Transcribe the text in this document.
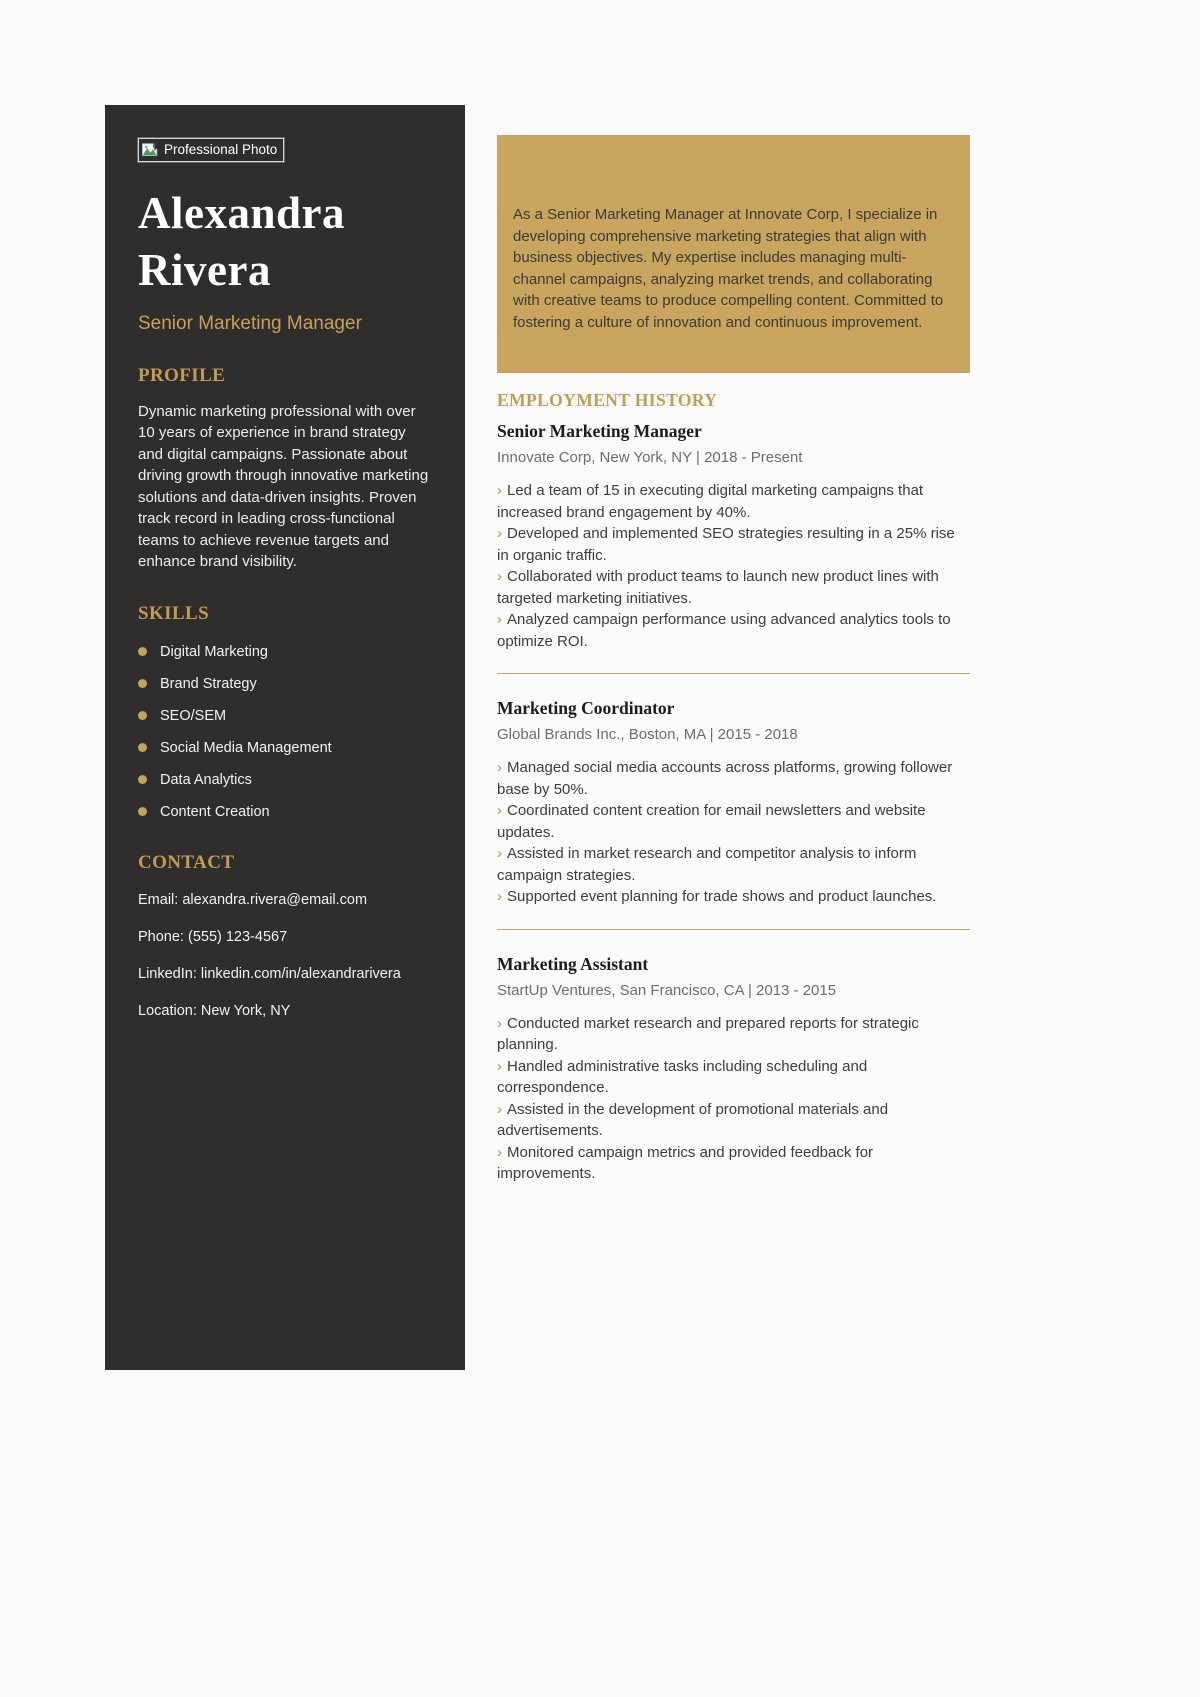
Professional Photo
Alexandra Rivera
Senior Marketing Manager
PROFILE

Dynamic marketing professional with over 10 years of experience in brand strategy and digital campaigns. Passionate about driving growth through innovative marketing solutions and data-driven insights. Proven track record in leading cross-functional teams to achieve revenue targets and enhance brand visibility.

SKILLS
Digital Marketing
Brand Strategy
SEO/SEM
Social Media Management
Data Analytics
Content Creation
CONTACT
Email: alexandra.rivera@email.com
Phone: (555) 123-4567
LinkedIn: linkedin.com/in/alexandrarivera
Location: New York, NY

As a Senior Marketing Manager at Innovate Corp, I specialize in developing comprehensive marketing strategies that align with business objectives. My expertise includes managing multi-channel campaigns, analyzing market trends, and collaborating with creative teams to produce compelling content. Committed to fostering a culture of innovation and continuous improvement.

EMPLOYMENT HISTORY
Senior Marketing Manager
Innovate Corp, New York, NY | 2018 - Present
› Led a team of 15 in executing digital marketing campaigns that increased brand engagement by 40%.
› Developed and implemented SEO strategies resulting in a 25% rise in organic traffic.
› Collaborated with product teams to launch new product lines with targeted marketing initiatives.
› Analyzed campaign performance using advanced analytics tools to optimize ROI.
Marketing Coordinator
Global Brands Inc., Boston, MA | 2015 - 2018
› Managed social media accounts across platforms, growing follower base by 50%.
› Coordinated content creation for email newsletters and website updates.
› Assisted in market research and competitor analysis to inform campaign strategies.
› Supported event planning for trade shows and product launches.
Marketing Assistant
StartUp Ventures, San Francisco, CA | 2013 - 2015
› Conducted market research and prepared reports for strategic planning.
› Handled administrative tasks including scheduling and correspondence.
› Assisted in the development of promotional materials and advertisements.
› Monitored campaign metrics and provided feedback for improvements.
